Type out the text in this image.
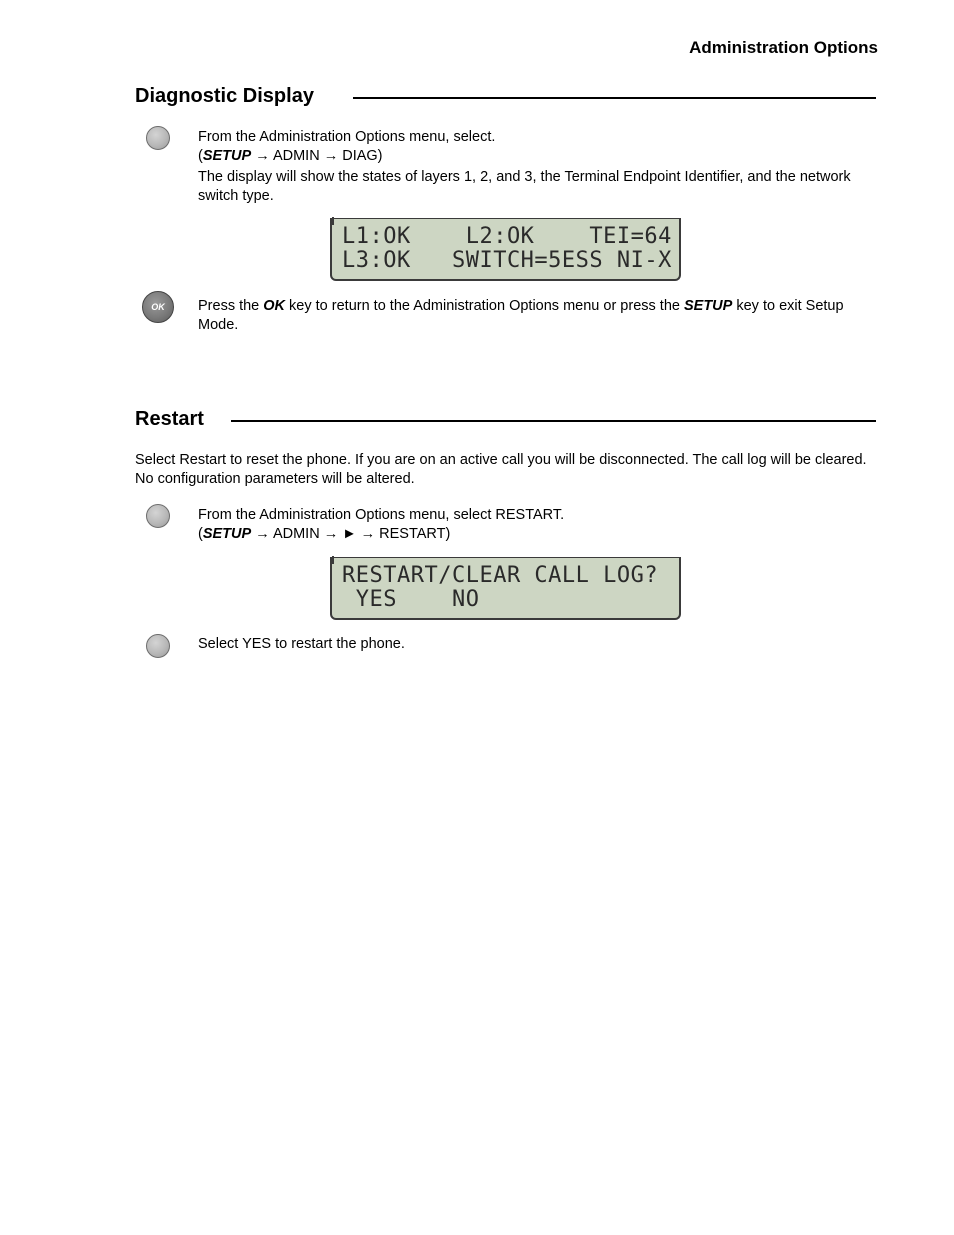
Administration Options
Diagnostic Display
From the Administration Options menu, select.
(SETUP → ADMIN → DIAG)
The display will show the states of layers 1, 2, and 3, the Terminal Endpoint Identifier, and the network switch type.
L1:OK    L2:OK    TEI=64
L3:OK   SWITCH=5ESS NI-X
OK	Press the OK key to return to the Administration Options menu or press the SETUP key to exit Setup Mode.
Restart
Select Restart to reset the phone. If you are on an active call you will be disconnected. The call log will be cleared. No configuration parameters will be altered.
From the Administration Options menu, select RESTART.
(SETUP → ADMIN → ► → RESTART)
RESTART/CLEAR CALL LOG?
YES    NO
Select YES to restart the phone.
